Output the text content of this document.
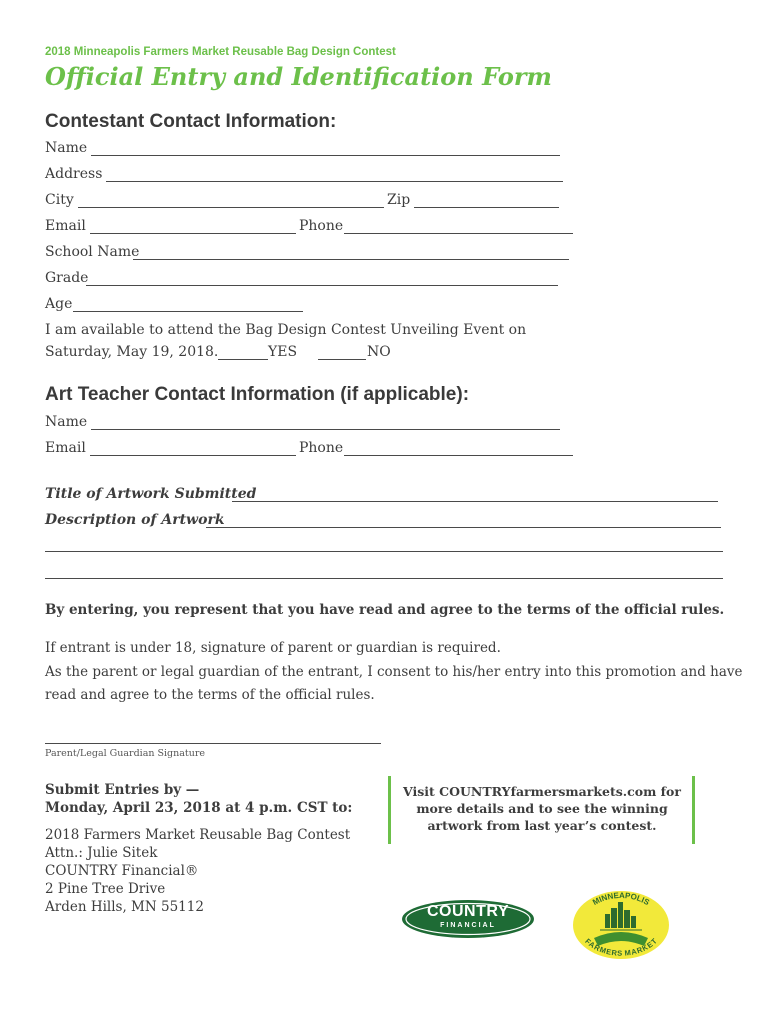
2018 Minneapolis Farmers Market Reusable Bag Design Contest
Official Entry and Identification Form
Contestant Contact Information:
Name
Address
City	Zip
Email	Phone
School Name
Grade
Age
I am available to attend the Bag Design Contest Unveiling Event on
Saturday, May 19, 2018.	YES	NO
Art Teacher Contact Information (if applicable):
Name
Email	Phone
Title of Artwork Submitted
Description of Artwork
By entering, you represent that you have read and agree to the terms of the official rules.
If entrant is under 18, signature of parent or guardian is required.
As the parent or legal guardian of the entrant, I consent to his/her entry into this promotion and have
read and agree to the terms of the official rules.
Parent/Legal Guardian Signature
Submit Entries by —
Monday, April 23, 2018 at 4 p.m. CST to:
2018 Farmers Market Reusable Bag Contest
Attn.: Julie Sitek
COUNTRY Financial®
2 Pine Tree Drive
Arden Hills, MN 55112
Visit COUNTRYfarmersmarkets.com for
more details and to see the winning
artwork from last year’s contest.
COUNTRY
FINANCIAL
MINNEAPOLIS
FARMERS MARKET
